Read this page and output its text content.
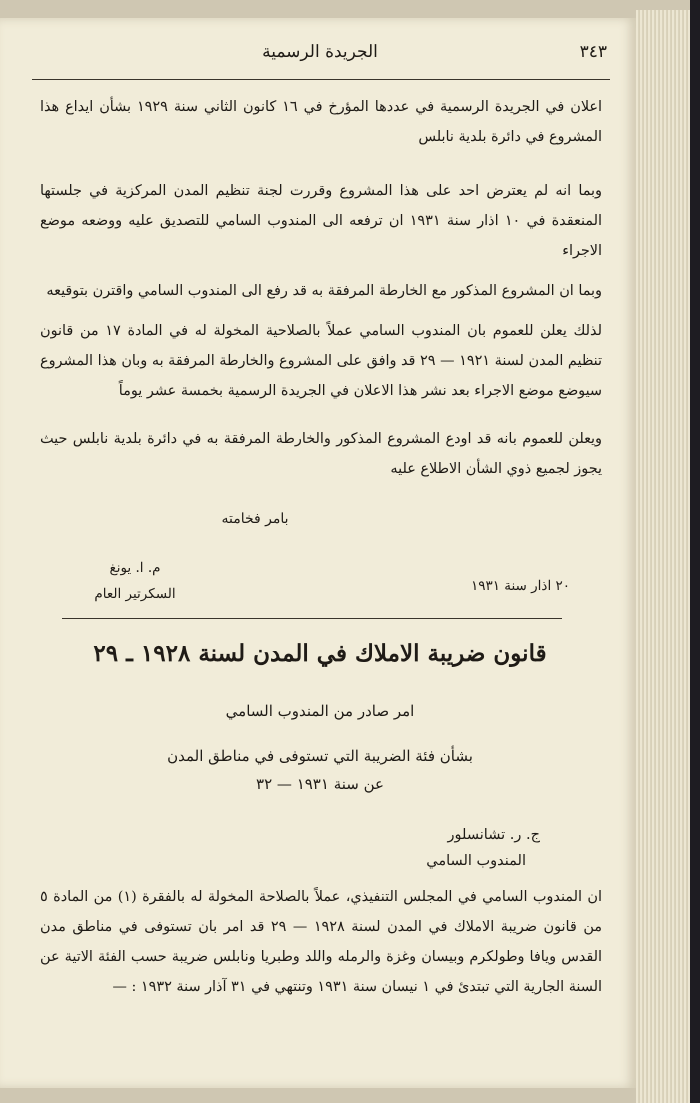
٣٤٣
الجريدة الرسمية
اعلان في الجريدة الرسمية في عددها المؤرخ في ١٦ كانون الثاني سنة ١٩٢٩ بشأن ايداع هذا المشروع في دائرة بلدية نابلس
وبما انه لم يعترض احد على هذا المشروع وقررت لجنة تنظيم المدن المركزية في جلستها المنعقدة في ١٠ اذار سنة ١٩٣١ ان ترفعه الى المندوب السامي للتصديق عليه ووضعه موضع الاجراء
وبما ان المشروع المذكور مع الخارطة المرفقة به قد رفع الى المندوب السامي واقترن بتوقيعه
لذلك يعلن للعموم بان المندوب السامي عملاً بالصلاحية المخولة له في المادة ١٧ من قانون تنظيم المدن لسنة ١٩٢١ — ٢٩ قد وافق على المشروع والخارطة المرفقة به وبان هذا المشروع سيوضع موضع الاجراء بعد نشر هذا الاعلان في الجريدة الرسمية بخمسة عشر يوماً
ويعلن للعموم بانه قد اودع المشروع المذكور والخارطة المرفقة به في دائرة بلدية نابلس حيث يجوز لجميع ذوي الشأن الاطلاع عليه
بامر فخامته
٢٠ اذار سنة ١٩٣١
م. ا. يونغ
السكرتير العام
قانون ضريبة الاملاك في المدن لسنة ١٩٢٨ ـ ٢٩
امر صادر من المندوب السامي
بشأن فئة الضريبة التي تستوفى في مناطق المدن
عن سنة ١٩٣١ — ٣٢
ج. ر. تشانسلور
المندوب السامي
ان المندوب السامي في المجلس التنفيذي، عملاً بالصلاحة المخولة له بالفقرة (١) من المادة ٥ من قانون ضريبة الاملاك في المدن لسنة ١٩٢٨ — ٢٩ قد امر بان تستوفى في مناطق مدن القدس ويافا وطولكرم وبيسان وغزة والرمله واللد وطبريا ونابلس ضريبة حسب الفئة الاتية عن السنة الجارية التي تبتدئ في ١ نيسان سنة ١٩٣١ وتنتهي في ٣١ آذار سنة ١٩٣٢ : —
